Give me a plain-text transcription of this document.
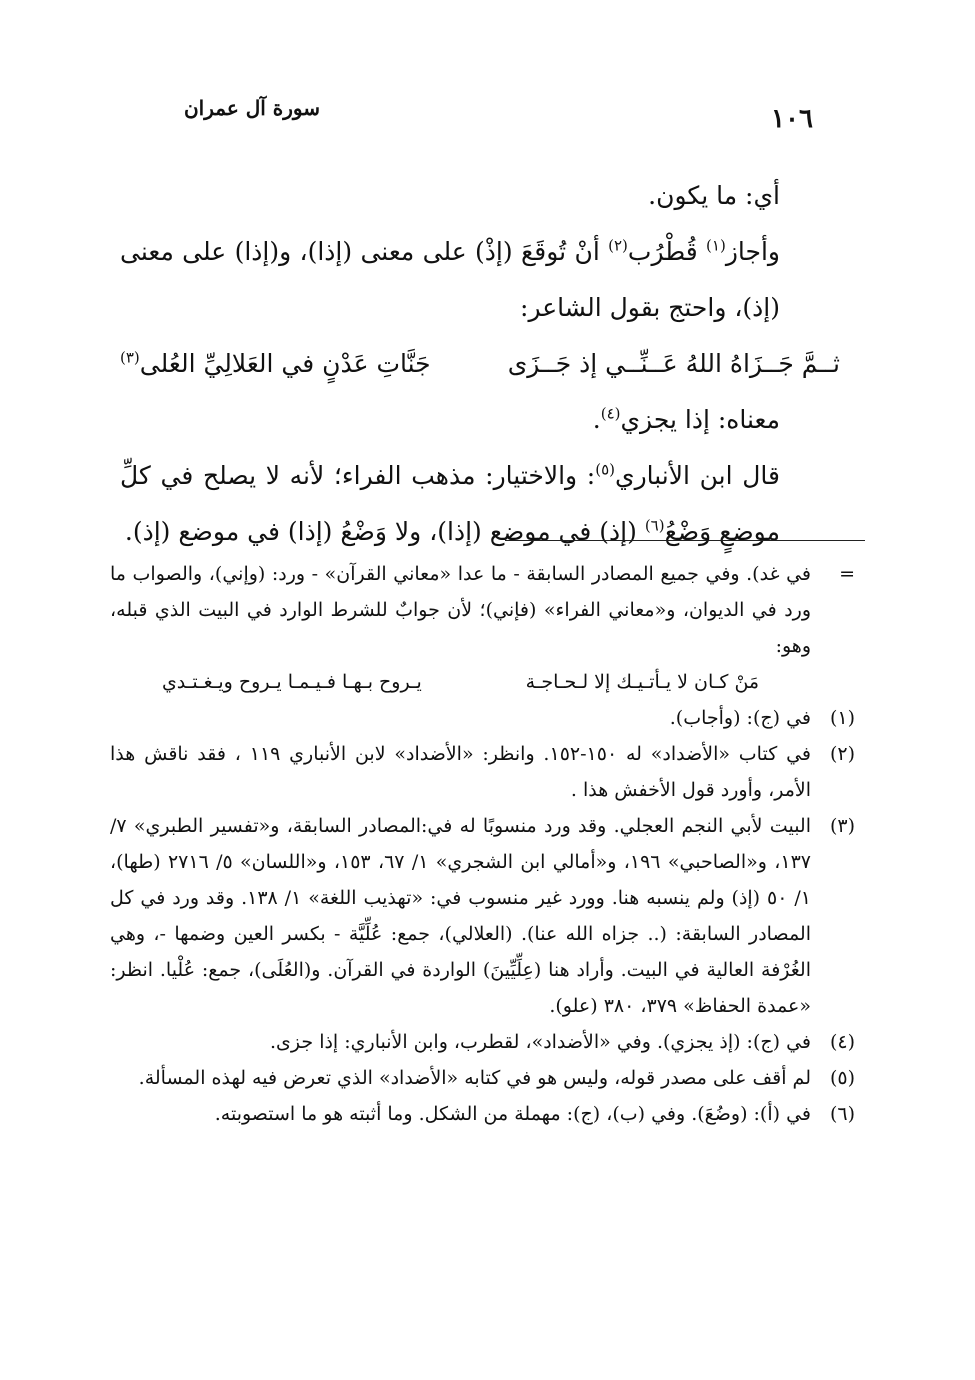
سورة آل عمران	١٠٦

أي: ما يكون.

وأجاز$^{(١)}$ قُطْرُب$^{(٢)}$ أنْ تُوقَعَ (إذْ) على معنى (إذا)، و(إذا) على معنى (إذ)، واحتج بقول الشاعر:

ثــمَّ جَــزَاهُ اللهُ عَــنِّــي إذ جَــزَى
جَنَّاتِ عَدْنٍ في العَلالِيِّ العُلى$^{(٣)}$

معناه: إذا يجزي$^{(٤)}$.

قال ابن الأنباري$^{(٥)}$: والاختيار: مذهب الفراء؛ لأنه لا يصلح في كلِّ موضعٍ وَضْعُ$^{(٦)}$ (إذ) في موضع (إذا)، ولا وَضْعُ (إذا) في موضع (إذ).

=
في غد). وفي جميع المصادر السابقة - ما عدا «معاني القرآن» - ورد: (وإني)، والصواب ما ورد في الديوان، و«معاني الفراء» (فإني)؛ لأن جوابٌ للشرط الوارد في البيت الذي قبله، وهو:
مَنْ كـان لا يـأتـيـك إلا لـحـاجـة
يـروح بـهـا فـيـمـا يـروح ويـغـتـدي
(١)
في (ج): (وأجاب).
(٢)
في كتاب «الأضداد» له ١٥٠-١٥٢. وانظر: «الأضداد» لابن الأنباري ١١٩ ، فقد ناقش هذا الأمر، وأورد قول الأخفش هذا .
(٣)
البيت لأبي النجم العجلي. وقد ورد منسوبًا له في:المصادر السابقة، و«تفسير الطبري» ٧/ ١٣٧، و«الصاحبي» ١٩٦، و«أمالي ابن الشجري» ١/ ٦٧، ١٥٣، و«اللسان» ٥/ ٢٧١٦ (طها)، ١/ ٥٠ (إذ) ولم ينسبه هنا. وورد غير منسوب في: «تهذيب اللغة» ١/ ١٣٨. وقد ورد في كل المصادر السابقة: (.. جزاه الله عنا). (العلالي)، جمع: عُلِّيَّة - بكسر العين وضمها -، وهي الغُرْفة العالية في البيت. وأراد هنا (عِلِّيِّينَ) الواردة في القرآن. و(العُلَى)، جمع: عُلْيا. انظر: «عمدة الحفاظ» ٣٧٩، ٣٨٠ (علو).
(٤)
في (ج): (إذ يجزي). وفي «الأضداد»، لقطرب، وابن الأنباري: إذا جزى.
(٥)
لم أقف على مصدر قوله، وليس هو في كتابه «الأضداد» الذي تعرض فيه لهذه المسألة.
(٦)
في (أ): (وضُعَ). وفي (ب)، (ج): مهملة من الشكل. وما أثبته هو ما استصوبته.
